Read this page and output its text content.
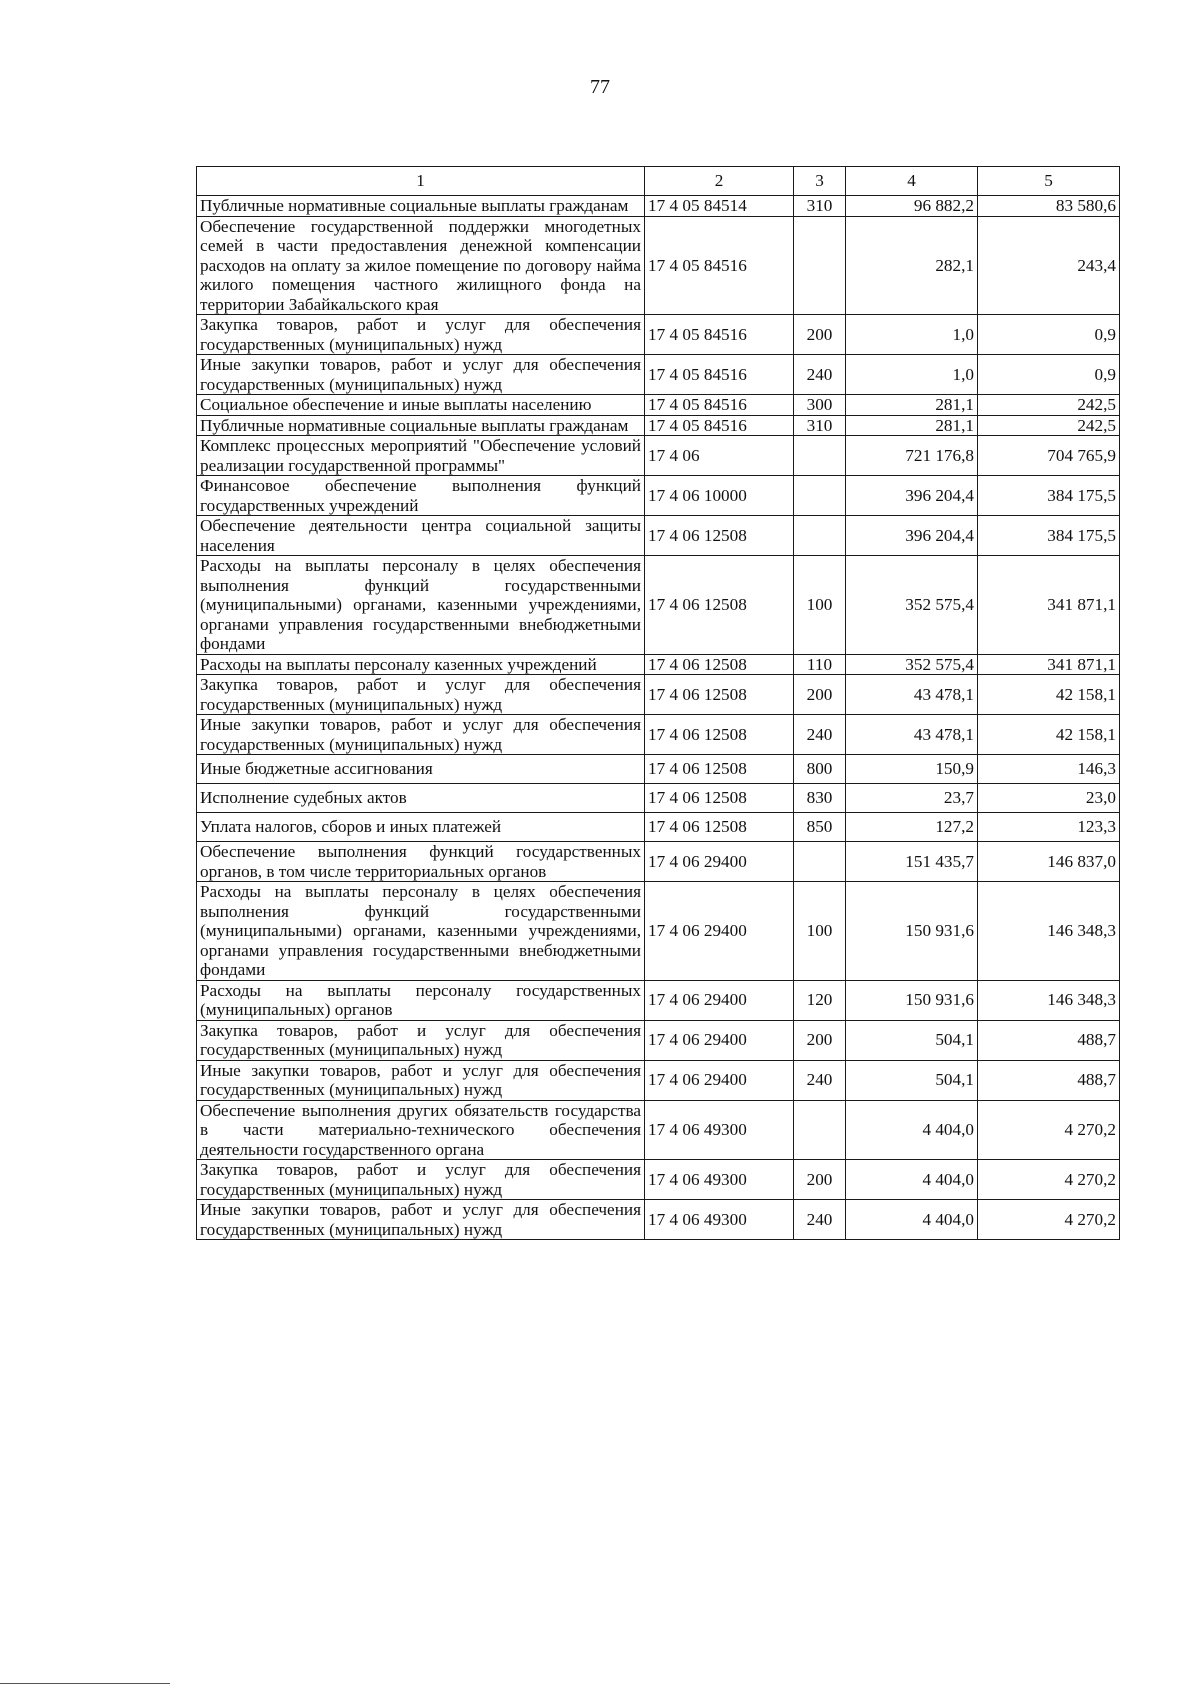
77
1	2	3	4	5
Публичные нормативные социальные выплаты гражданам	17 4 05 84514	310	96 882,2	83 580,6
Обеспечение государственной поддержки многодетных семей в части предоставления денежной компенсации расходов на оплату за жилое помещение по договору найма жилого помещения частного жилищного фонда на территории Забайкальского края	17 4 05 84516		282,1	243,4
Закупка товаров, работ и услуг для обеспечения государственных (муниципальных) нужд	17 4 05 84516	200	1,0	0,9
Иные закупки товаров, работ и услуг для обеспечения государственных (муниципальных) нужд	17 4 05 84516	240	1,0	0,9
Социальное обеспечение и иные выплаты населению	17 4 05 84516	300	281,1	242,5
Публичные нормативные социальные выплаты гражданам	17 4 05 84516	310	281,1	242,5
Комплекс процессных мероприятий "Обеспечение условий реализации государственной программы"	17 4 06		721 176,8	704 765,9
Финансовое обеспечение выполнения функций государственных учреждений	17 4 06 10000		396 204,4	384 175,5
Обеспечение деятельности центра социальной защиты населения	17 4 06 12508		396 204,4	384 175,5
Расходы на выплаты персоналу в целях обеспечения выполнения функций государственными (муниципальными) органами, казенными учреждениями, органами управления государственными внебюджетными фондами	17 4 06 12508	100	352 575,4	341 871,1
Расходы на выплаты персоналу казенных учреждений	17 4 06 12508	110	352 575,4	341 871,1
Закупка товаров, работ и услуг для обеспечения государственных (муниципальных) нужд	17 4 06 12508	200	43 478,1	42 158,1
Иные закупки товаров, работ и услуг для обеспечения государственных (муниципальных) нужд	17 4 06 12508	240	43 478,1	42 158,1
Иные бюджетные ассигнования	17 4 06 12508	800	150,9	146,3
Исполнение судебных актов	17 4 06 12508	830	23,7	23,0
Уплата налогов, сборов и иных платежей	17 4 06 12508	850	127,2	123,3
Обеспечение выполнения функций государственных органов, в том числе территориальных органов	17 4 06 29400		151 435,7	146 837,0
Расходы на выплаты персоналу в целях обеспечения выполнения функций государственными (муниципальными) органами, казенными учреждениями, органами управления государственными внебюджетными фондами	17 4 06 29400	100	150 931,6	146 348,3
Расходы на выплаты персоналу государственных (муниципальных) органов	17 4 06 29400	120	150 931,6	146 348,3
Закупка товаров, работ и услуг для обеспечения государственных (муниципальных) нужд	17 4 06 29400	200	504,1	488,7
Иные закупки товаров, работ и услуг для обеспечения государственных (муниципальных) нужд	17 4 06 29400	240	504,1	488,7
Обеспечение выполнения других обязательств государства в части материально-технического обеспечения деятельности государственного органа	17 4 06 49300		4 404,0	4 270,2
Закупка товаров, работ и услуг для обеспечения государственных (муниципальных) нужд	17 4 06 49300	200	4 404,0	4 270,2
Иные закупки товаров, работ и услуг для обеспечения государственных (муниципальных) нужд	17 4 06 49300	240	4 404,0	4 270,2
